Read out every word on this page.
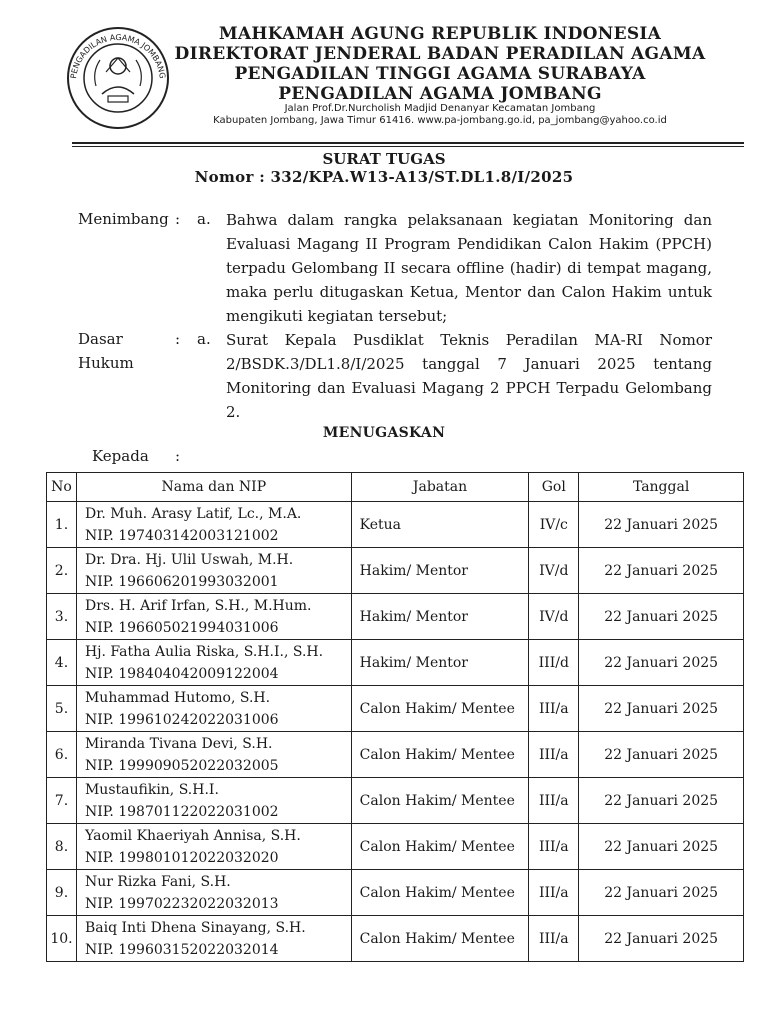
PENGADILAN AGAMA JOMBANG
MAHKAMAH AGUNG REPUBLIK INDONESIA
DIREKTORAT JENDERAL BADAN PERADILAN AGAMA
PENGADILAN TINGGI AGAMA SURABAYA
PENGADILAN AGAMA JOMBANG
Jalan Prof.Dr.Nurcholish Madjid Denanyar Kecamatan Jombang
Kabupaten Jombang, Jawa Timur 61416. www.pa-jombang.go.id, pa_jombang@yahoo.co.id
SURAT TUGAS
Nomor : 332/KPA.W13-A13/ST.DL1.8/I/2025
Menimbang : a. Bahwa dalam rangka pelaksanaan kegiatan Monitoring dan Evaluasi Magang II Program Pendidikan Calon Hakim (PPCH) terpadu Gelombang II secara offline (hadir) di tempat magang, maka perlu ditugaskan Ketua, Mentor dan Calon Hakim untuk mengikuti kegiatan tersebut;
Dasar
Hukum
: a. Surat Kepala Pusdiklat Teknis Peradilan MA-RI Nomor 2/BSDK.3/DL1.8/I/2025 tanggal 7 Januari 2025 tentang Monitoring dan Evaluasi Magang 2 PPCH Terpadu Gelombang 2.
MENUGASKAN
Kepada :
No	Nama dan NIP	Jabatan	Gol	Tanggal
1.	Dr. Muh. Arasy Latif, Lc., M.A.
NIP. 197403142003121002	Ketua	IV/c	22 Januari 2025
2.	Dr. Dra. Hj. Ulil Uswah, M.H.
NIP. 196606201993032001	Hakim/ Mentor	IV/d	22 Januari 2025
3.	Drs. H. Arif Irfan, S.H., M.Hum.
NIP. 196605021994031006	Hakim/ Mentor	IV/d	22 Januari 2025
4.	Hj. Fatha Aulia Riska, S.H.I., S.H.
NIP. 198404042009122004	Hakim/ Mentor	III/d	22 Januari 2025
5.	Muhammad Hutomo, S.H.
NIP. 199610242022031006	Calon Hakim/ Mentee	III/a	22 Januari 2025
6.	Miranda Tivana Devi, S.H.
NIP. 199909052022032005	Calon Hakim/ Mentee	III/a	22 Januari 2025
7.	Mustaufikin, S.H.I.
NIP. 198701122022031002	Calon Hakim/ Mentee	III/a	22 Januari 2025
8.	Yaomil Khaeriyah Annisa, S.H.
NIP. 199801012022032020	Calon Hakim/ Mentee	III/a	22 Januari 2025
9.	Nur Rizka Fani, S.H.
NIP. 199702232022032013	Calon Hakim/ Mentee	III/a	22 Januari 2025
10.	Baiq Inti Dhena Sinayang, S.H.
NIP. 199603152022032014	Calon Hakim/ Mentee	III/a	22 Januari 2025
